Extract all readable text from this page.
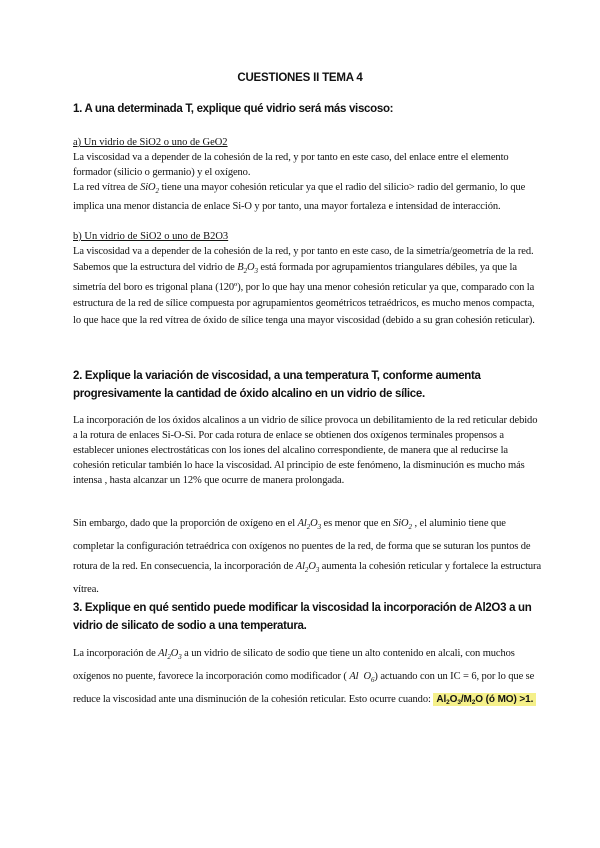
CUESTIONES II TEMA 4
1. A una determinada T, explique qué vidrio será más viscoso:
a) Un vidrio de SiO2 o uno de GeO2
La viscosidad va a depender de la cohesión de la red, y por tanto en este caso, del enlace entre el elemento formador (silicio o germanio) y el oxígeno.
La red vítrea de SiO$_2$ tiene una mayor cohesión reticular ya que el radio del silicio> radio del germanio, lo que implica una menor distancia de enlace Si-O y por tanto, una mayor fortaleza e intensidad de interacción.
b) Un vidrio de SiO2 o uno de B2O3
La viscosidad va a depender de la cohesión de la red, y por tanto en este caso, de la simetría/geometría de la red. Sabemos que la estructura del vidrio de $B_2O_3$ está formada por agrupamientos triangulares débiles, ya que la simetría del boro es trigonal plana (120º), por lo que hay una menor cohesión reticular ya que, comparado con la estructura de la red de sílice compuesta por agrupamientos geométricos tetraédricos, es mucho menos compacta, lo que hace que la red vítrea de óxido de sílice tenga una mayor viscosidad (debido a su gran cohesión reticular).
2. Explique la variación de viscosidad, a una temperatura T, conforme aumenta progresivamente la cantidad de óxido alcalino en un vidrio de sílice.
La incorporación de los óxidos alcalinos a un vidrio de sílice provoca un debilitamiento de la red reticular debido a la rotura de enlaces Si-O-Si. Por cada rotura de enlace se obtienen dos oxígenos terminales propensos a establecer uniones electrostáticas con los iones del alcalino correspondiente, de manera que al reducirse la cohesión reticular también lo hace la viscosidad. Al principio de este fenómeno, la disminución es mucho más intensa , hasta alcanzar un 12% que ocurre de manera prolongada.
Sin embargo, dado que la proporción de oxígeno en el $Al_2O_3$ es menor que en SiO$_2$ , el aluminio tiene que completar la configuración tetraédrica con oxígenos no puentes de la red, de forma que se suturan los puntos de rotura de la red. En consecuencia, la incorporación de $Al_2O_3$ aumenta la cohesión reticular y fortalece la estructura vítrea.
3. Explique en qué sentido puede modificar la viscosidad la incorporación de Al2O3 a un vidrio de silicato de sodio a una temperatura.
La incorporación de $Al_2O_3$ a un vidrio de silicato de sodio que tiene un alto contenido en alcali, con muchos oxígenos no puente, favorece la incorporación como modificador ( Al $O_6$) actuando con un IC = 6, por lo que se reduce la viscosidad ante una disminución de la cohesión reticular. Esto ocurre cuando: $Al_2O_3/M_2O$ (ó MO) >1.
